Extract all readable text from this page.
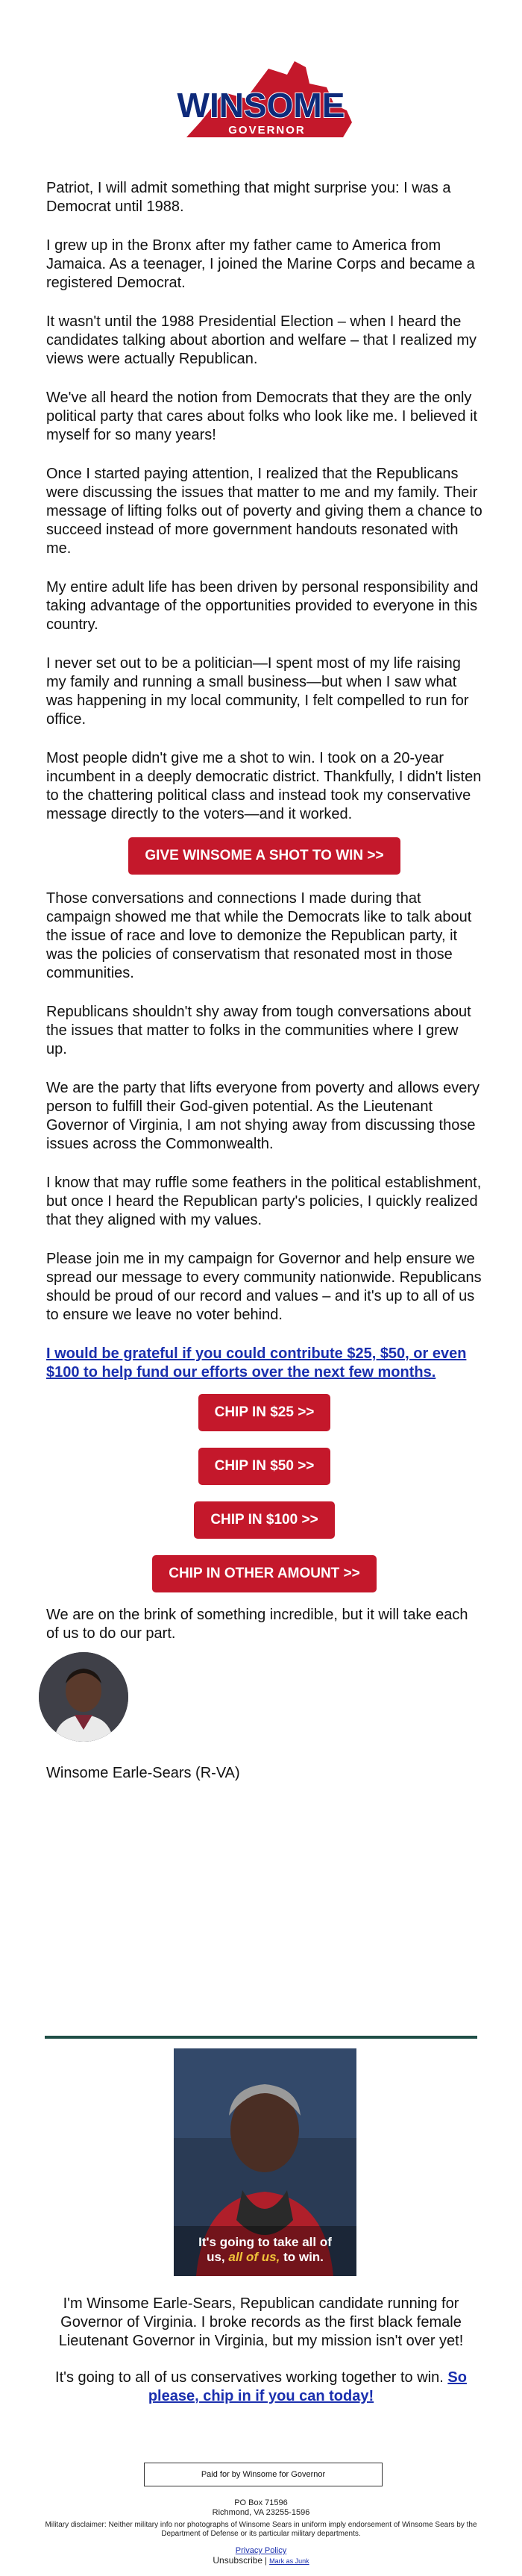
WINSOME
GOVERNOR

Patriot, I will admit something that might surprise you: I was a Democrat until 1988.

I grew up in the Bronx after my father came to America from Jamaica. As a teenager, I joined the Marine Corps and became a registered Democrat.

It wasn't until the 1988 Presidential Election – when I heard the candidates talking about abortion and welfare – that I realized my views were actually Republican.

We've all heard the notion from Democrats that they are the only political party that cares about folks who look like me. I believed it myself for so many years!

Once I started paying attention, I realized that the Republicans were discussing the issues that matter to me and my family. Their message of lifting folks out of poverty and giving them a chance to succeed instead of more government handouts resonated with me.

My entire adult life has been driven by personal responsibility and taking advantage of the opportunities provided to everyone in this country.

I never set out to be a politician—I spent most of my life raising my family and running a small business—but when I saw what was happening in my local community, I felt compelled to run for office.

Most people didn't give me a shot to win. I took on a 20-year incumbent in a deeply democratic district. Thankfully, I didn't listen to the chattering political class and instead took my conservative message directly to the voters—and it worked.

GIVE WINSOME A SHOT TO WIN >>

Those conversations and connections I made during that campaign showed me that while the Democrats like to talk about the issue of race and love to demonize the Republican party, it was the policies of conservatism that resonated most in those communities.

Republicans shouldn't shy away from tough conversations about the issues that matter to folks in the communities where I grew up.

We are the party that lifts everyone from poverty and allows every person to fulfill their God-given potential. As the Lieutenant Governor of Virginia, I am not shying away from discussing those issues across the Commonwealth.

I know that may ruffle some feathers in the political establishment, but once I heard the Republican party's policies, I quickly realized that they aligned with my values.

Please join me in my campaign for Governor and help ensure we spread our message to every community nationwide. Republicans should be proud of our record and values – and it's up to all of us to ensure we leave no voter behind.

I would be grateful if you could contribute $25, $50, or even $100 to help fund our efforts over the next few months.

CHIP IN $25 >>
CHIP IN $50 >>
CHIP IN $100 >>
CHIP IN OTHER AMOUNT >>

We are on the brink of something incredible, but it will take each of us to do our part.

Winsome Earle-Sears (R-VA)

It's going to take all of
us, all of us, to win.

I'm Winsome Earle-Sears, Republican candidate running for Governor of Virginia. I broke records as the first black female Lieutenant Governor in Virginia, but my mission isn't over yet!

It's going to all of us conservatives working together to win. So please, chip in if you can today!

Paid for by Winsome for Governor
PO Box 71596
Richmond, VA 23255-1596
Military disclaimer: Neither military info nor photographs of Winsome Sears in uniform imply endorsement of Winsome Sears by the Department of Defense or its particular military departments.
Privacy Policy
Unsubscribe | Mark as Junk
